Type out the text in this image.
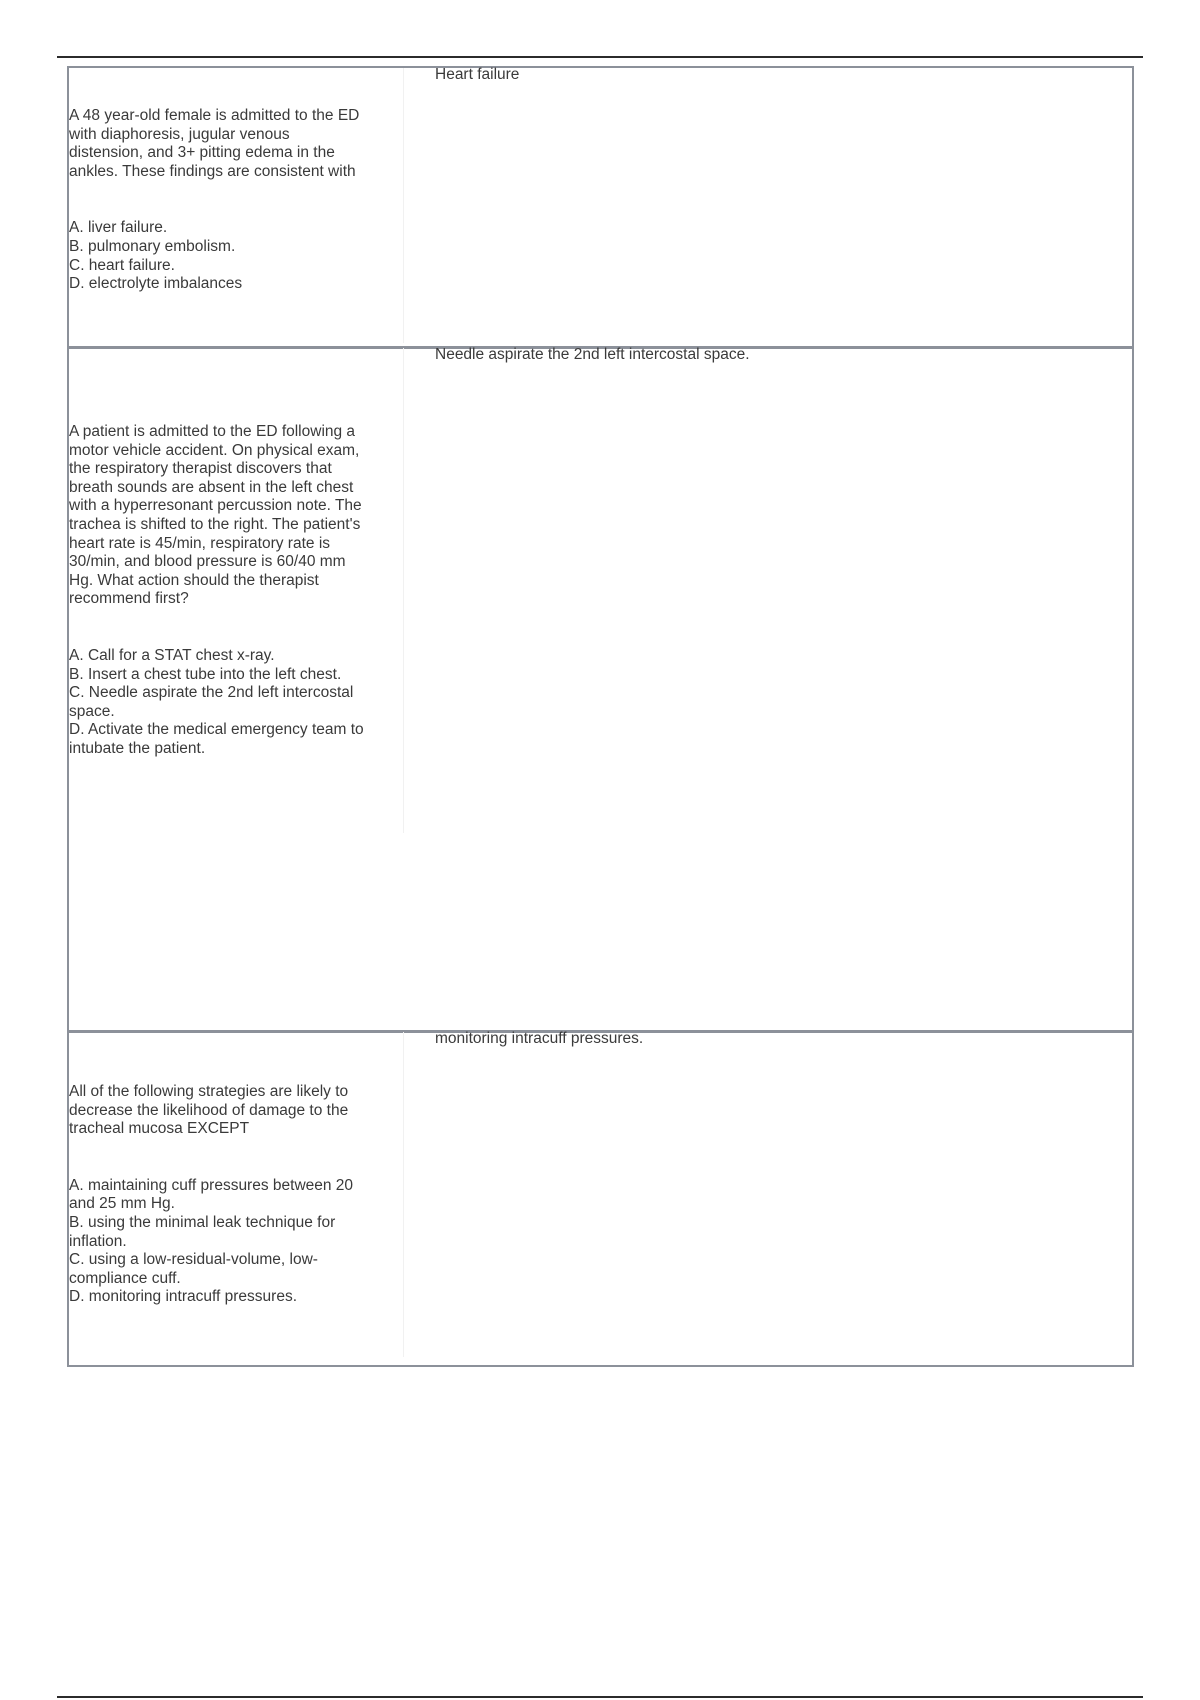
A 48 year-old female is admitted to the ED
with diaphoresis, jugular venous
distension, and 3+ pitting edema in the
ankles. These findings are consistent with

A. liver failure.
B. pulmonary embolism.
C. heart failure.
D. electrolyte imbalances
Heart failure

A patient is admitted to the ED following a
motor vehicle accident. On physical exam,
the respiratory therapist discovers that
breath sounds are absent in the left chest
with a hyperresonant percussion note. The
trachea is shifted to the right. The patient's
heart rate is 45/min, respiratory rate is
30/min, and blood pressure is 60/40 mm
Hg. What action should the therapist
recommend first?

A. Call for a STAT chest x-ray.
B. Insert a chest tube into the left chest.
C. Needle aspirate the 2nd left intercostal
space.
D. Activate the medical emergency team to
intubate the patient.
Needle aspirate the 2nd left intercostal space.

All of the following strategies are likely to
decrease the likelihood of damage to the
tracheal mucosa EXCEPT

A. maintaining cuff pressures between 20
and 25 mm Hg.
B. using the minimal leak technique for
inflation.
C. using a low-residual-volume, low-
compliance cuff.
D. monitoring intracuff pressures.
monitoring intracuff pressures.
